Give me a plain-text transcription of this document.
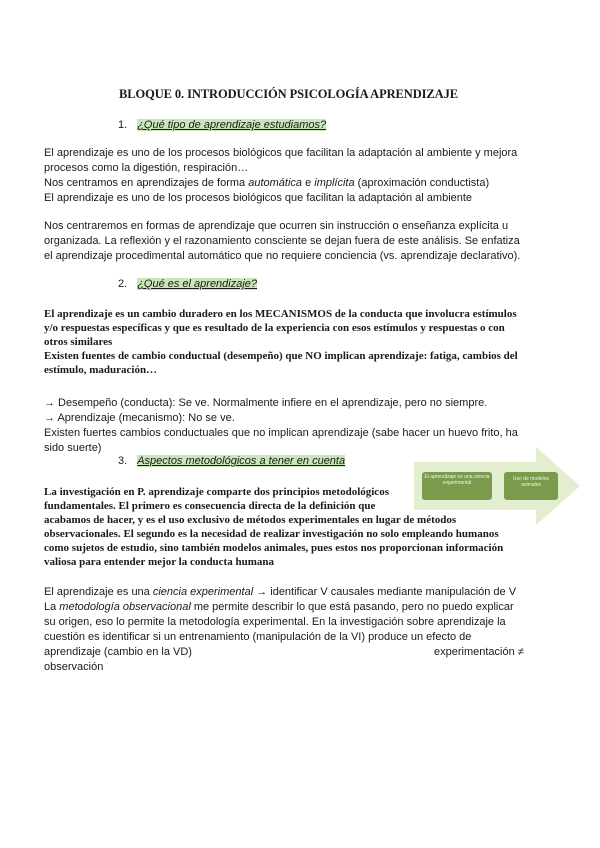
BLOQUE 0. INTRODUCCIÓN PSICOLOGÍA APRENDIZAJE
1. ¿Qué tipo de aprendizaje estudiamos?
El aprendizaje es uno de los procesos biológicos que facilitan la adaptación al ambiente y mejora
procesos como la digestión, respiración…
Nos centramos en aprendizajes de forma automática e implícita (aproximación conductista)
El aprendizaje es uno de los procesos biológicos que facilitan la adaptación al ambiente
Nos centraremos en formas de aprendizaje que ocurren sin instrucción o enseñanza explícita u
organizada. La reflexión y el razonamiento consciente se dejan fuera de este análisis. Se enfatiza
el aprendizaje procedimental automático que no requiere conciencia (vs. aprendizaje declarativo).
2. ¿Qué es el aprendizaje?
El aprendizaje es un cambio duradero en los MECANISMOS de la conducta que involucra estímulos
y/o respuestas específicas y que es resultado de la experiencia con esos estímulos y respuestas o con
otros similares
Existen fuentes de cambio conductual (desempeño) que NO implican aprendizaje: fatiga, cambios del
estímulo, maduración…
→ Desempeño (conducta): Se ve. Normalmente infiere en el aprendizaje, pero no siempre.
→ Aprendizaje (mecanismo): No se ve.
Existen fuertes cambios conductuales que no implican aprendizaje (sabe hacer un huevo frito, ha
sido suerte)
3. Aspectos metodológicos a tener en cuenta
El aprendizaje es una ciencia experimental
Uso de modelos animales
La investigación en P. aprendizaje comparte dos principios metodológicos
fundamentales. El primero es consecuencia directa de la definición que
acabamos de hacer, y es el uso exclusivo de métodos experimentales en lugar de métodos
observacionales. El segundo es la necesidad de realizar investigación no solo empleando humanos
como sujetos de estudio, sino también modelos animales, pues estos nos proporcionan información
valiosa para entender mejor la conducta humana
El aprendizaje es una ciencia experimental → identificar V causales mediante manipulación de V
La metodología observacional me permite describir lo que está pasando, pero no puedo explicar
su origen, eso lo permite la metodología experimental. En la investigación sobre aprendizaje la
cuestión es identificar si un entrenamiento (manipulación de la VI) produce un efecto de
aprendizaje (cambio en la VD)	experimentación ≠
observación
